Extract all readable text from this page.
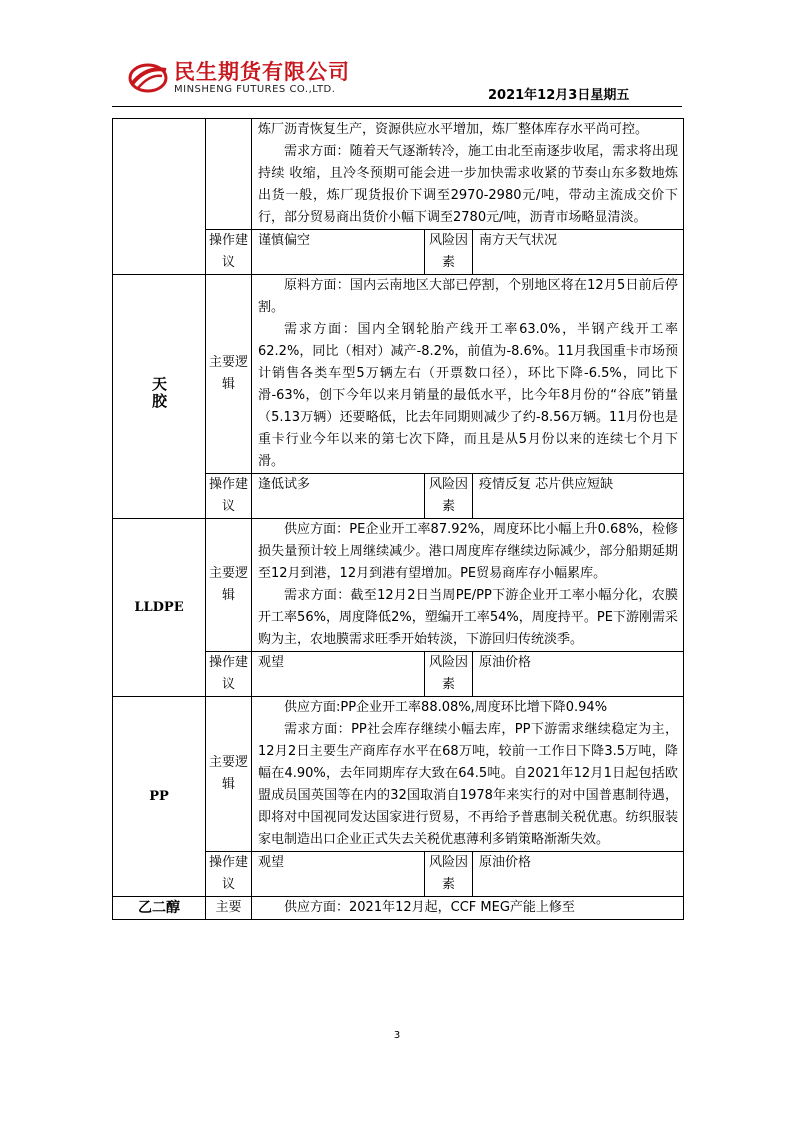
民生期货有限公司
MINSHENG FUTURES CO.,LTD.	2021年12月3日星期五

		炼厂沥青恢复生产，资源供应水平增加，炼厂整体库存水平尚可控。

需求方面：随着天气逐渐转冷，施工由北至南逐步收尾，需求将出现持续 收缩，且冷冬预期可能会进一步加快需求收紧的节奏山东多数地炼出货一般，炼厂现货报价下调至2970-2980元/吨，带动主流成交价下行，部分贸易商出货价小幅下调至2780元/吨，沥青市场略显清淡。		

	操作建议	谨慎偏空	风险因素	南方天气状况
天胶	主要逻辑	原料方面：国内云南地区大部已停割，个别地区将在12月5日前后停割。

需求方面：国内全钢轮胎产线开工率63.0%，半钢产线开工率62.2%，同比（相对）减产-8.2%，前值为-8.6%。11月我国重卡市场预计销售各类车型5万辆左右（开票数口径），环比下降-6.5%，同比下滑-63%，创下今年以来月销量的最低水平，比今年8月份的“谷底”销量（5.13万辆）还要略低，比去年同期则减少了约-8.56万辆。11月份也是重卡行业今年以来的第七次下降，而且是从5月份以来的连续七个月下滑。		

	操作建议	逢低试多	风险因素	疫情反复 芯片供应短缺
LLDPE	主要逻辑	供应方面：PE企业开工率87.92%，周度环比小幅上升0.68%，检修损失量预计较上周继续减少。港口周度库存继续边际减少，部分船期延期至12月到港，12月到港有望增加。PE贸易商库存小幅累库。

需求方面：截至12月2日当周PE/PP下游企业开工率小幅分化，农膜开工率56%，周度降低2%，塑编开工率54%，周度持平。PE下游刚需采购为主，农地膜需求旺季开始转淡，下游回归传统淡季。		

	操作建议	观望	风险因素	原油价格
PP	主要逻辑	供应方面:PP企业开工率88.08%,周度环比增下降0.94%

需求方面：PP社会库存继续小幅去库，PP下游需求继续稳定为主，12月2日主要生产商库存水平在68万吨，较前一工作日下降3.5万吨，降幅在4.90%，去年同期库存大致在64.5吨。自2021年12月1日起包括欧盟成员国英国等在内的32国取消自1978年来实行的对中国普惠制待遇，即将对中国视同发达国家进行贸易，不再给予普惠制关税优惠。纺织服装家电制造出口企业正式失去关税优惠薄利多销策略渐渐失效。		

	操作建议	观望	风险因素	原油价格
乙二醇	主要	供应方面：2021年12月起，CCF MEG产能上修至		

3
